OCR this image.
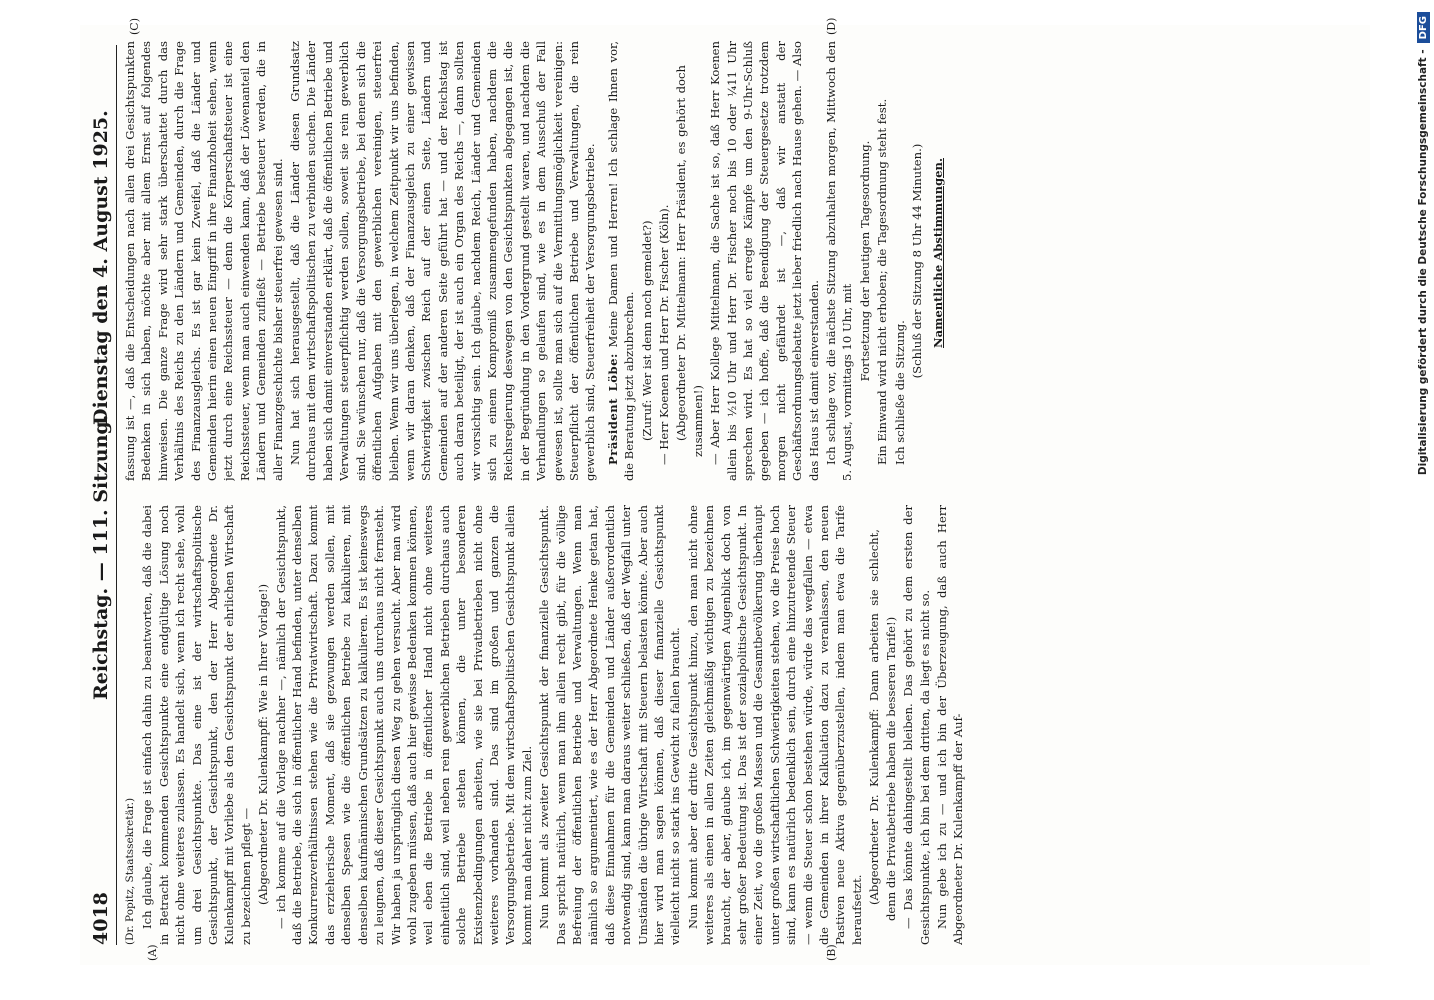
4018
Reichstag. — 111. Sitzung.
Dienstag den 4. August 1925.
(A)	(B)
(C)	(D)

(Dr. Popitz, Staatssekretär.) Ich glaube, die Frage ist einfach dahin zu beantworten, daß die dabei in Betracht kommenden Gesichtspunkte eine endgültige Lösung noch nicht ohne weiteres zulassen. Es handelt sich, wenn ich recht sehe, wohl um drei Gesichtspunkte. Das eine ist der wirtschaftspolitische Gesichtspunkt, der Gesichtspunkt, den der Herr Abgeordnete Dr. Kulenkampff mit Vorliebe als den Gesichtspunkt der ehrlichen Wirtschaft zu bezeichnen pflegt — (Abgeordneter Dr. Kulenkampff: Wie in Ihrer Vorlage!) — ich komme auf die Vorlage nachher —, nämlich der Gesichtspunkt, daß die Betriebe, die sich in öffentlicher Hand befinden, unter denselben Konkurrenzverhältnissen stehen wie die Privatwirtschaft. Dazu kommt das erzieherische Moment, daß sie gezwungen werden sollen, mit denselben Spesen wie die öffentlichen Betriebe zu kalkulieren, mit denselben kaufmännischen Grundsätzen zu kalkulieren. Es ist keineswegs zu leugnen, daß dieser Gesichtspunkt auch uns durchaus nicht fernsteht. Wir haben ja ursprünglich diesen Weg zu gehen versucht. Aber man wird wohl zugeben müssen, daß auch hier gewisse Bedenken kommen können, weil eben die Betriebe in öffentlicher Hand nicht ohne weiteres einheitlich sind, weil neben rein gewerblichen Betrieben durchaus auch solche Betriebe stehen können, die unter besonderen Existenzbedingungen arbeiten, wie sie bei Privatbetrieben nicht ohne weiteres vorhanden sind. Das sind im großen und ganzen die Versorgungsbetriebe. Mit dem wirtschaftspolitischen Gesichtspunkt allein kommt man daher nicht zum Ziel. Nun kommt als zweiter Gesichtspunkt der finanzielle Gesichtspunkt. Das spricht natürlich, wenn man ihm allein recht gibt, für die völlige Befreiung der öffentlichen Betriebe und Verwaltungen. Wenn man nämlich so argumentiert, wie es der Herr Abgeordnete Henke getan hat, daß diese Einnahmen für die Gemeinden und Länder außerordentlich notwendig sind, kann man daraus weiter schließen, daß der Wegfall unter Umständen die übrige Wirtschaft mit Steuern belasten könnte. Aber auch hier wird man sagen können, daß dieser finanzielle Gesichtspunkt vielleicht nicht so stark ins Gewicht zu fallen braucht. Nun kommt aber der dritte Gesichtspunkt hinzu, den man nicht ohne weiteres als einen in allen Zeiten gleichmäßig wichtigen zu bezeichnen braucht, der aber, glaube ich, im gegenwärtigen Augenblick doch von sehr großer Bedeutung ist. Das ist der sozialpolitische Gesichtspunkt. In einer Zeit, wo die großen Massen und die Gesamtbevölkerung überhaupt unter großen wirtschaftlichen Schwierigkeiten stehen, wo die Preise hoch sind, kann es natürlich bedenklich sein, durch eine hinzutretende Steuer — wenn die Steuer schon bestehen würde, würde das wegfallen — etwa die Gemeinden in ihrer Kalkulation dazu zu veranlassen, den neuen Pastiven neue Aktiva gegenüberzustellen, indem man etwa die Tarife heraufsetzt.

(Abgeordneter Dr. Kulenkampff: Dann arbeiten sie schlecht, denn die Privatbetriebe haben die besseren Tarife!) — Das könnte dahingestellt bleiben. Das gehört zu dem ersten der Gesichtspunkte, ich bin bei dem dritten, da liegt es nicht so. Nun gebe ich zu — und ich bin der Überzeugung, daß auch Herr Abgeordneter Dr. Kulenkampff der Auf-

fassung ist —, daß die Entscheidungen nach allen drei Gesichtspunkten Bedenken in sich haben, möchte aber mit allem Ernst auf folgendes hinweisen. Die ganze Frage wird sehr stark überschattet durch das Verhältnis des Reichs zu den Ländern und Gemeinden, durch die Frage des Finanzausgleichs. Es ist gar kein Zweifel, daß die Länder und Gemeinden hierin einen neuen Eingriff in ihre Finanzhoheit sehen, wenn jetzt durch eine Reichssteuer — denn die Körperschaftsteuer ist eine Reichssteuer, wenn man auch einwenden kann, daß der Löwenanteil den Ländern und Gemeinden zufließt — Betriebe besteuert werden, die in aller Finanzgeschichte bisher steuerfrei gewesen sind. Nun hat sich herausgestellt, daß die Länder diesen Grundsatz durchaus mit dem wirtschaftspolitischen zu verbinden suchen. Die Länder haben sich damit einverstanden erklärt, daß die öffentlichen Betriebe und Verwaltungen steuerpflichtig werden sollen, soweit sie rein gewerblich sind. Sie wünschen nur, daß die Versorgungsbetriebe, bei denen sich die öffentlichen Aufgaben mit den gewerblichen vereinigen, steuerfrei bleiben. Wenn wir uns überlegen, in welchem Zeitpunkt wir uns befinden, wenn wir daran denken, daß der Finanzausgleich zu einer gewissen Schwierigkeit zwischen Reich auf der einen Seite, Ländern und Gemeinden auf der anderen Seite geführt hat — und der Reichstag ist auch daran beteiligt, der ist auch ein Organ des Reichs —, dann sollten wir vorsichtig sein. Ich glaube, nachdem Reich, Länder und Gemeinden sich zu einem Kompromiß zusammengefunden haben, nachdem die Reichsregierung deswegen von den Gesichtspunkten abgegangen ist, die in der Begründung in den Vordergrund gestellt waren, und nachdem die Verhandlungen so gelaufen sind, wie es in dem Ausschuß der Fall gewesen ist, sollte man sich auf die Vermittlungsmöglichkeit vereinigen: Steuerpflicht der öffentlichen Betriebe und Verwaltungen, die rein gewerblich sind, Steuerfreiheit der Versorgungsbetriebe. Präsident Löbe: Meine Damen und Herren! Ich schlage Ihnen vor, die Beratung jetzt abzubrechen. (Zuruf: Wer ist denn noch gemeldet?) — Herr Koenen und Herr Dr. Fischer (Köln). (Abgeordneter Dr. Mittelmann: Herr Präsident, es gehört doch zusammen!) — Aber Herr Kollege Mittelmann, die Sache ist so, daß Herr Koenen allein bis ½10 Uhr und Herr Dr. Fischer noch bis 10 oder ¼11 Uhr sprechen wird. Es hat so viel erregte Kämpfe um den 9-Uhr-Schluß gegeben — ich hoffe, daß die Beendigung der Steuergesetze trotzdem morgen nicht gefährdet ist —, daß wir anstatt der Geschäftsordnungsdebatte jetzt lieber friedlich nach Hause gehen. — Also das Haus ist damit einverstanden. Ich schlage vor, die nächste Sitzung abzuhalten morgen, Mittwoch den 5. August, vormittags 10 Uhr, mit

Fortsetzung der heutigen Tagesordnung. Ein Einwand wird nicht erhoben; die Tagesordnung steht fest. Ich schließe die Sitzung.

(Schluß der Sitzung 8 Uhr 44 Minuten.) Namentliche Abstimmungen.	Digitalisierung gefördert durch die Deutsche Forschungsgemeinschaft -
DFG
